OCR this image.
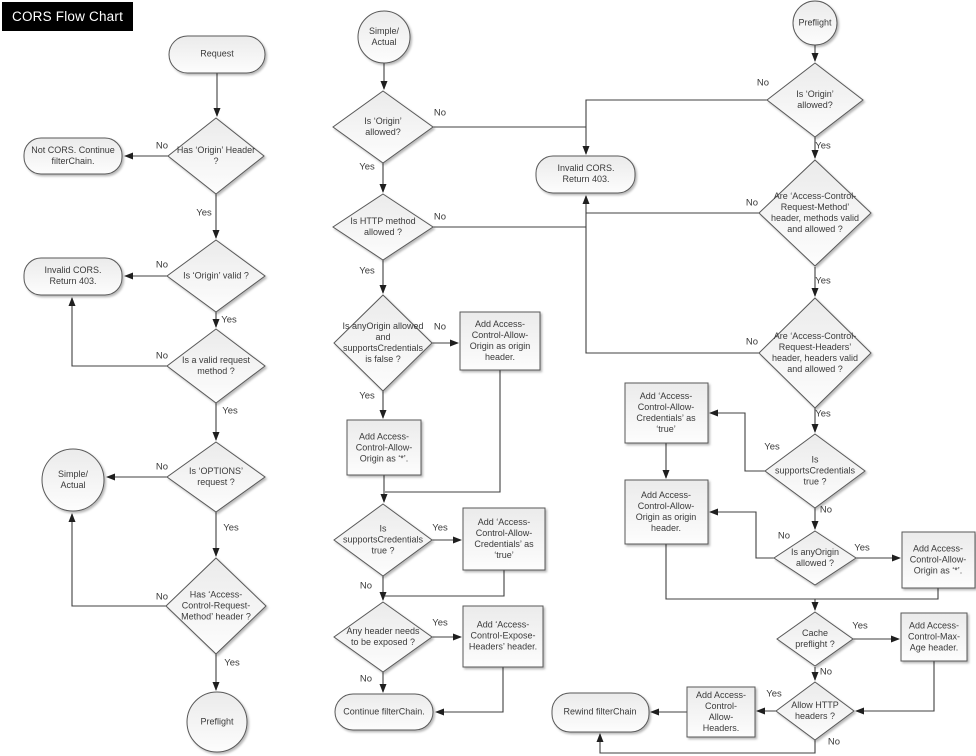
CORS Flow Chart
Request
Has ‘Origin’ Header ?
Not CORS. Continue filterChain.
Is ‘Origin’ valid ?
Invalid CORS. Return 403.
Is a valid request method ?
Is ‘OPTIONS’ request ?
Simple/ Actual
Has ‘Access-Control-Request-Method’ header ?
Preflight
Simple/ Actual
Is ‘Origin’ allowed?
Invalid CORS. Return 403.
Is HTTP method allowed ?
Is anyOrigin allowed and supportsCredentials is false ?
Add Access-Control-Allow-Origin as origin header.
Add Access-Control-Allow-Origin as ‘*’.
Is supportsCredentials true ?
Add ‘Access-Control-Allow-Credentials’ as ‘true’
Any header needs to be exposed ?
Add ‘Access-Control-Expose-Headers’ header.
Continue filterChain.
Preflight
Is ‘Origin’ allowed?
Are ‘Access-Control-Request-Method’ header, methods valid and allowed ?
Are ‘Access-Control-Request-Headers’ header, headers valid and allowed ?
Is supportsCredentials true ?
Add ‘Access-Control-Allow-Credentials’ as ‘true’
Add Access-Control-Allow-Origin as origin header.
Is anyOrigin allowed ?
Add Access-Control-Allow-Origin as ‘*’.
Cache preflight ?
Add Access-Control-Max-Age header.
Allow HTTP headers ?
Add Access-Control-Allow-Headers.
Rewind filterChain
No
Yes
No
Yes
No
Yes
No
Yes
No
Yes
No
Yes
No
Yes
No
Yes
Yes
No
Yes
No
No
Yes
No
Yes
No
Yes
Yes
No
No
Yes
Yes
No
Yes
No
